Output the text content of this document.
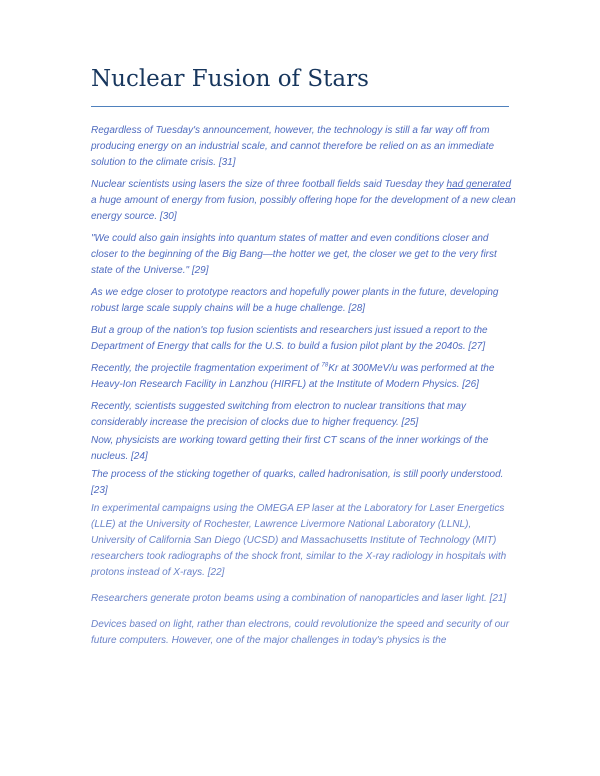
Nuclear Fusion of Stars

Regardless of Tuesday's announcement, however, the technology is still a far way off from producing energy on an industrial scale, and cannot therefore be relied on as an immediate solution to the climate crisis. [31]

Nuclear scientists using lasers the size of three football fields said Tuesday they had generated a huge amount of energy from fusion, possibly offering hope for the development of a new clean energy source. [30]

"We could also gain insights into quantum states of matter and even conditions closer and closer to the beginning of the Big Bang—the hotter we get, the closer we get to the very first state of the Universe." [29]

As we edge closer to prototype reactors and hopefully power plants in the future, developing robust large scale supply chains will be a huge challenge. [28]

But a group of the nation's top fusion scientists and researchers just issued a report to the Department of Energy that calls for the U.S. to build a fusion pilot plant by the 2040s. [27]

Recently, the projectile fragmentation experiment of $^{78}$Kr at 300MeV/u was performed at the Heavy-Ion Research Facility in Lanzhou (HIRFL) at the Institute of Modern Physics. [26]

Recently, scientists suggested switching from electron to nuclear transitions that may considerably increase the precision of clocks due to higher frequency. [25]

Now, physicists are working toward getting their first CT scans of the inner workings of the nucleus. [24]

The process of the sticking together of quarks, called hadronisation, is still poorly understood. [23]

In experimental campaigns using the OMEGA EP laser at the Laboratory for Laser Energetics (LLE) at the University of Rochester, Lawrence Livermore National Laboratory (LLNL), University of California San Diego (UCSD) and Massachusetts Institute of Technology (MIT) researchers took radiographs of the shock front, similar to the X-ray radiology in hospitals with protons instead of X-rays. [22]

Researchers generate proton beams using a combination of nanoparticles and laser light. [21]

Devices based on light, rather than electrons, could revolutionize the speed and security of our future computers. However, one of the major challenges in today's physics is the
